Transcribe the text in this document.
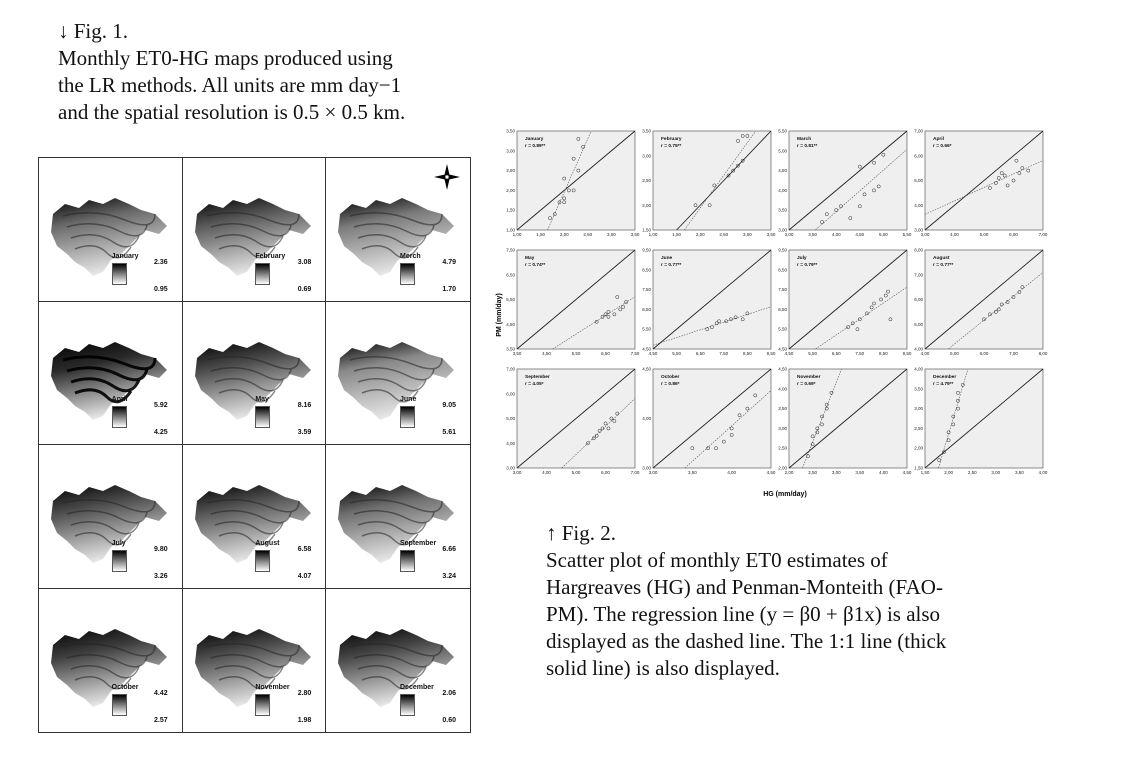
↓ Fig. 1.
Monthly ET0-HG maps produced using
the LR methods. All units are mm day−1
and the spatial resolution is 0.5 × 0.5 km.
January
2.36
0.95
February
3.08
0.69
Merch
4.79
1.70
April
5.92
4.25
May
8.16
3.59
June
9.05
5.61
July
9.80
3.26
August
6.58
4.07
September
6.66
3.24
October
4.42
2.57
November
2.80
1.98
December
2.06
0.60
January
r = 0.89**
1,00	1,50	2,00	2,50	3,00	3,50
1,00
1,50
2,00
2,50
3,00
3,50
February
r = 0.75**
1,00	1,50	2,00	2,50	3,00	3,50
1,50
2,00
2,50
3,00
3,50
March
r = 0.81**
3,00	3,50	4,00	4,50	5,00	5,50
3,00
3,50
4,00
4,50
5,00
5,50
April
r = 0.66*
3,00	4,00	5,00	6,00	7,00
3,00
4,00
5,00
6,00
7,00
May
r = 0.74**
3,50	4,50	5,50	6,50	7,50
3,50
4,50
5,50
6,50
7,50
June
r = 0.77**
4,50	5,50	6,50	7,50	8,50	9,50
4,50
5,50
6,50
7,50
8,50
9,50
July
r = 0.79**
4,50	5,50	6,50	7,50	8,50	9,50
4,50
5,50
6,50
7,50
8,50
9,50
August
r = 0.77**
4,00	5,00	6,00	7,00	8,00
4,00
5,00
6,00
7,00
8,00
September
r = 4.05*
3,00	4,00	5,00	6,00	7,00
3,00
4,00
5,00
6,00
7,00
October
r = 0.86*
3,00	3,50	4,00	4,50
3,00
4,00
4,50
November
r = 0.69*
2,00	2,50	3,00	3,50	4,00	4,50
2,00
2,50
3,00
3,50
4,00
4,50
December
r = 4.79**
1,50	2,00	2,50	3,00	3,50	4,00
1,50
2,00
2,50
3,00
3,50
4,00
HG (mm/day)
PM (mm/day)
↑ Fig. 2.
Scatter plot of monthly ET0 estimates of
Hargreaves (HG) and Penman-Monteith (FAO-
PM). The regression line (y = β0 + β1x) is also
displayed as the dashed line. The 1:1 line (thick
solid line) is also displayed.
